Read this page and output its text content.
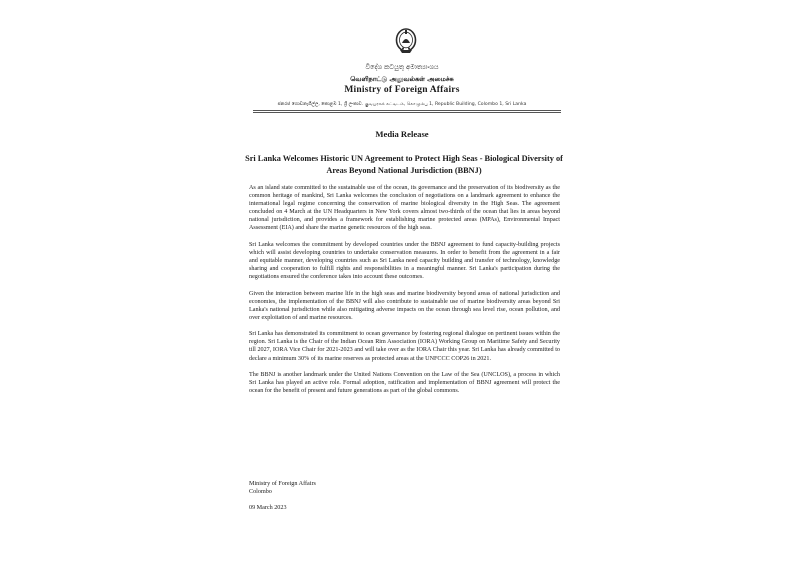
විදේශ කටයුතු අමාත්‍යාංශය
வெளிநாட்டு அலுவல்கள் அமைச்சு
Ministry of Foreign Affairs
ජනරජ ගොඩනැගිල්ල, කොළඹ 1, ශ්‍රී ලංකාව. குடியரசுக் கட்டிடம், கொழும்பு 1, Republic Building, Colombo 1, Sri Lanka
Media Release
Sri Lanka Welcomes Historic UN Agreement to Protect High Seas - Biological Diversity of Areas Beyond National Jurisdiction (BBNJ)

As an island state committed to the sustainable use of the ocean, its governance and the preservation of its biodiversity as the common heritage of mankind, Sri Lanka welcomes the conclusion of negotiations on a landmark agreement to enhance the international legal regime concerning the conservation of marine biological diversity in the High Seas. The agreement concluded on 4 March at the UN Headquarters in New York covers almost two-thirds of the ocean that lies in areas beyond national jurisdiction, and provides a framework for establishing marine protected areas (MPAs), Environmental Impact Assessment (EIA) and share the marine genetic resources of the high seas.

Sri Lanka welcomes the commitment by developed countries under the BBNJ agreement to fund capacity-building projects which will assist developing countries to undertake conservation measures. In order to benefit from the agreement in a fair and equitable manner, developing countries such as Sri Lanka need capacity building and transfer of technology, knowledge sharing and cooperation to fulfill rights and responsibilities in a meaningful manner. Sri Lanka's participation during the negotiations ensured the conference takes into account these outcomes.

Given the interaction between marine life in the high seas and marine biodiversity beyond areas of national jurisdiction and economies, the implementation of the BBNJ will also contribute to sustainable use of marine biodiversity areas beyond Sri Lanka's national jurisdiction while also mitigating adverse impacts on the ocean through sea level rise, ocean pollution, and over exploitation of and marine resources.

Sri Lanka has demonstrated its commitment to ocean governance by fostering regional dialogue on pertinent issues within the region. Sri Lanka is the Chair of the Indian Ocean Rim Association (IORA) Working Group on Maritime Safety and Security till 2027, IORA Vice Chair for 2021-2023 and will take over as the IORA Chair this year. Sri Lanka has already committed to declare a minimum 30% of its marine reserves as protected areas at the UNFCCC COP26 in 2021.

The BBNJ is another landmark under the United Nations Convention on the Law of the Sea (UNCLOS), a process in which Sri Lanka has played an active role. Formal adoption, ratification and implementation of BBNJ agreement will protect the ocean for the benefit of present and future generations as part of the global commons.

Ministry of Foreign Affairs
Colombo
09 March 2023
